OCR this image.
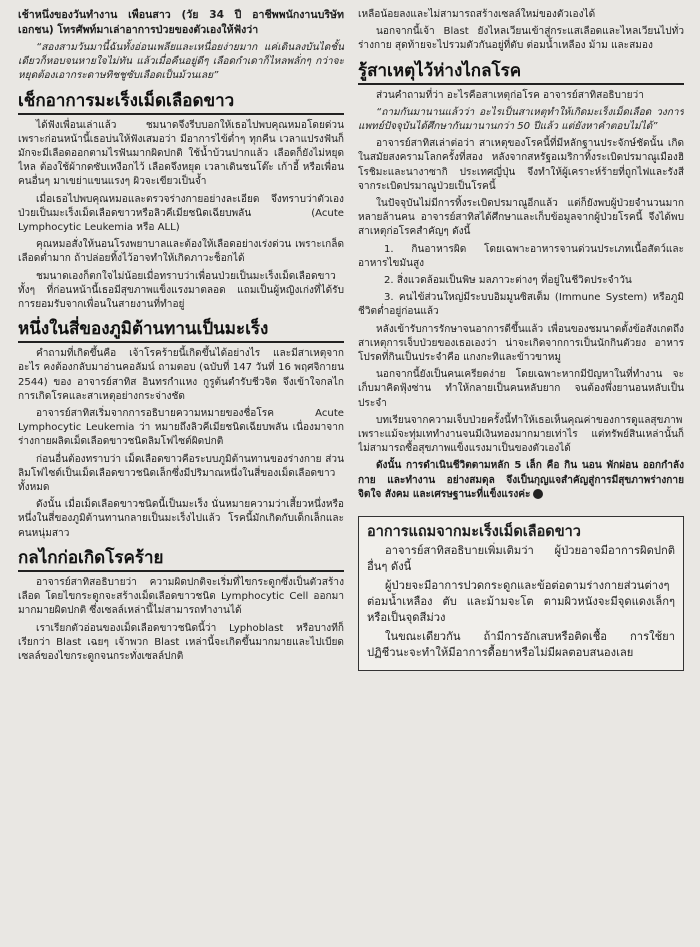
เช้าหนึ่งของวันทำงาน เพื่อนสาว (วัย 34 ปี อาชีพพนักงานบริษัทเอกชน) โทรศัพท์มาเล่าอาการป่วยของตัวเองให้ฟังว่า

“สองสามวันมานี้ฉันทั้งอ่อนเพลียและเหนื่อยง่ายมาก แค่เดินลงบันไดชั้นเดียวก็หอบจนหายใจไม่ทัน แล้วเมื่อคืนอยู่ดีๆ เลือดกำเดาก็ไหลพลั่กๆ กว่าจะหยุดต้องเอากระดาษทิชชูซับเลือดเป็นม้วนเลย”

เช็กอาการมะเร็งเม็ดเลือดขาว

ได้ฟังเพื่อนเล่าแล้ว ชมนาดจึงรีบบอกให้เธอไปพบคุณหมอโดยด่วน เพราะก่อนหน้านี้เธอบ่นให้ฟังเสมอว่า มีอาการไข้ต่ำๆ ทุกคืน เวลาแปรงฟันก็มักจะมีเลือดออกตามไรฟันมากผิดปกติ ใช้น้ำบ้วนปากแล้ว เลือดก็ยังไม่หยุดไหล ต้องใช้ผ้ากดซับเหงือกไว้ เลือดจึงหยุด เวลาเดินชนโต๊ะ เก้าอี้ หรือเพื่อนคนอื่นๆ มาเขย่าแขนแรงๆ ผิวจะเขียวเป็นจ้ำ

เมื่อเธอไปพบคุณหมอและตรวจร่างกายอย่างละเอียด จึงทราบว่าตัวเองป่วยเป็นมะเร็งเม็ดเลือดขาวหรือลิวคีเมียชนิดเฉียบพลัน (Acute Lymphocytic Leukemia หรือ ALL)

คุณหมอสั่งให้นอนโรงพยาบาลและต้องให้เลือดอย่างเร่งด่วน เพราะเกล็ดเลือดต่ำมาก ถ้าปล่อยทิ้งไว้อาจทำให้เกิดภาวะช็อกได้

ชมนาดเองก็ตกใจไม่น้อยเมื่อทราบว่าเพื่อนป่วยเป็นมะเร็งเม็ดเลือดขาว ทั้งๆ ที่ก่อนหน้านี้เธอมีสุขภาพแข็งแรงมาตลอด แถมเป็นผู้หญิงเก่งที่ได้รับการยอมรับจากเพื่อนในสายงานที่ทำอยู่

หนึ่งในสี่ของภูมิต้านทานเป็นมะเร็ง

คำถามที่เกิดขึ้นคือ เจ้าโรคร้ายนี้เกิดขึ้นได้อย่างไร และมีสาเหตุจากอะไร คงต้องกลับมาอ่านคอลัมน์ ถามตอบ (ฉบับที่ 147 วันที่ 16 พฤศจิกายน 2544) ของ อาจารย์สาทิส อินทรกำแหง กูรูต้นตำรับชีวจิต จึงเข้าใจกลไกการเกิดโรคและสาเหตุอย่างกระจ่างชัด

อาจารย์สาทิสเริ่มจากการอธิบายความหมายของชื่อโรค Acute Lymphocytic Leukemia ว่า หมายถึงลิวคีเมียชนิดเฉียบพลัน เนื่องมาจากร่างกายผลิตเม็ดเลือดขาวชนิดลิมโฟไซต์ผิดปกติ

ก่อนอื่นต้องทราบว่า เม็ดเลือดขาวคือระบบภูมิต้านทานของร่างกาย ส่วนลิมโฟไซต์เป็นเม็ดเลือดขาวชนิดเล็กซึ่งมีปริมาณหนึ่งในสี่ของเม็ดเลือดขาวทั้งหมด

ดังนั้น เมื่อเม็ดเลือดขาวชนิดนี้เป็นมะเร็ง นั่นหมายความว่าเสี้ยวหนึ่งหรือหนึ่งในสี่ของภูมิต้านทานกลายเป็นมะเร็งไปแล้ว โรคนี้มักเกิดกับเด็กเล็กและคนหนุ่มสาว

กลไกก่อเกิดโรคร้าย

อาจารย์สาทิสอธิบายว่า ความผิดปกติจะเริ่มที่ไขกระดูกซึ่งเป็นตัวสร้างเลือด โดยไขกระดูกจะสร้างเม็ดเลือดขาวชนิด Lymphocytic Cell ออกมามากมายผิดปกติ ซึ่งเซลล์เหล่านี้ไม่สามารถทำงานได้

เราเรียกตัวอ่อนของเม็ดเลือดขาวชนิดนี้ว่า Lyphoblast หรือบางทีก็เรียกว่า Blast เฉยๆ เจ้าพวก Blast เหล่านี้จะเกิดขึ้นมากมายและไปเบียดเซลล์ของไขกระดูกจนกระทั่งเซลล์ปกติ

เหลือน้อยลงและไม่สามารถสร้างเซลล์ใหม่ของตัวเองได้

นอกจากนี้เจ้า Blast ยังไหลเวียนเข้าสู่กระแสเลือดและไหลเวียนไปทั่วร่างกาย สุดท้ายจะไปรวมตัวกันอยู่ที่ตับ ต่อมน้ำเหลือง ม้าม และสมอง

รู้สาเหตุไว้ห่างไกลโรค

ส่วนคำถามที่ว่า อะไรคือสาเหตุก่อโรค อาจารย์สาทิสอธิบายว่า

“ถามกันมานานแล้วว่า อะไรเป็นสาเหตุทำให้เกิดมะเร็งเม็ดเลือด วงการแพทย์ปัจจุบันได้ศึกษากันมานานกว่า 50 ปีแล้ว แต่ยังหาคำตอบไม่ได้”

อาจารย์สาทิสเล่าต่อว่า สาเหตุของโรคนี้ที่มีหลักฐานประจักษ์ชัดนั้น เกิดในสมัยสงครามโลกครั้งที่สอง หลังจากสหรัฐอเมริกาทิ้งระเบิดปรมาณูเมืองฮิโรชิมะและนางาซากิ ประเทศญี่ปุ่น จึงทำให้ผู้เคราะห์ร้ายที่ถูกไฟและรังสีจากระเบิดปรมาณูป่วยเป็นโรคนี้

ในปัจจุบันไม่มีการทิ้งระเบิดปรมาณูอีกแล้ว แต่ก็ยังพบผู้ป่วยจำนวนมากหลายล้านคน อาจารย์สาทิสได้ศึกษาและเก็บข้อมูลจากผู้ป่วยโรคนี้ จึงได้พบสาเหตุก่อโรคสำคัญๆ ดังนี้

1. กินอาหารผิด โดยเฉพาะอาหารจานด่วนประเภทเนื้อสัตว์และอาหารไขมันสูง

2. สิ่งแวดล้อมเป็นพิษ มลภาวะต่างๆ ที่อยู่ในชีวิตประจำวัน

3. คนไข้ส่วนใหญ่มีระบบอิมมูนซิสเต็ม (Immune System) หรือภูมิชีวิตต่ำอยู่ก่อนแล้ว

หลังเข้ารับการรักษาจนอาการดีขึ้นแล้ว เพื่อนของชมนาดตั้งข้อสังเกตถึงสาเหตุการเจ็บป่วยของเธอเองว่า น่าจะเกิดจากการเป็นนักกินตัวยง อาหารโปรดที่กินเป็นประจำคือ แกงกะทิและข้าวขาหมู

นอกจากนี้ยังเป็นคนเครียดง่าย โดยเฉพาะหากมีปัญหาในที่ทำงาน จะเก็บมาคิดฟุ้งซ่าน ทำให้กลายเป็นคนหลับยาก จนต้องพึ่งยานอนหลับเป็นประจำ

บทเรียนจากความเจ็บป่วยครั้งนี้ทำให้เธอเห็นคุณค่าของการดูแลสุขภาพ เพราะแม้จะทุ่มเททำงานจนมีเงินทองมากมายเท่าไร แต่ทรัพย์สินเหล่านั้นก็ไม่สามารถซื้อสุขภาพแข็งแรงมาเป็นของตัวเองได้

ดังนั้น การดำเนินชีวิตตามหลัก 5 เล็ก คือ กิน นอน พักผ่อน ออกกำลังกาย และทำงาน อย่างสมดุล จึงเป็นกุญแจสำคัญสู่การมีสุขภาพร่างกาย จิตใจ สังคม และเศรษฐานะที่แข็งแรงค่ะ

อาการแถมจากมะเร็งเม็ดเลือดขาว

อาจารย์สาทิสอธิบายเพิ่มเติมว่า ผู้ป่วยอาจมีอาการผิดปกติอื่นๆ ดังนี้

ผู้ป่วยจะมีอาการปวดกระดูกและข้อต่อตามร่างกายส่วนต่างๆ ต่อมน้ำเหลือง ตับ และม้ามจะโต ตามผิวหนังจะมีจุดแดงเล็กๆ หรือเป็นจุดสีม่วง

ในขณะเดียวกัน ถ้ามีการอักเสบหรือติดเชื้อ การใช้ยาปฏิชีวนะจะทำให้มีอาการดื้อยาหรือไม่มีผลตอบสนองเลย
